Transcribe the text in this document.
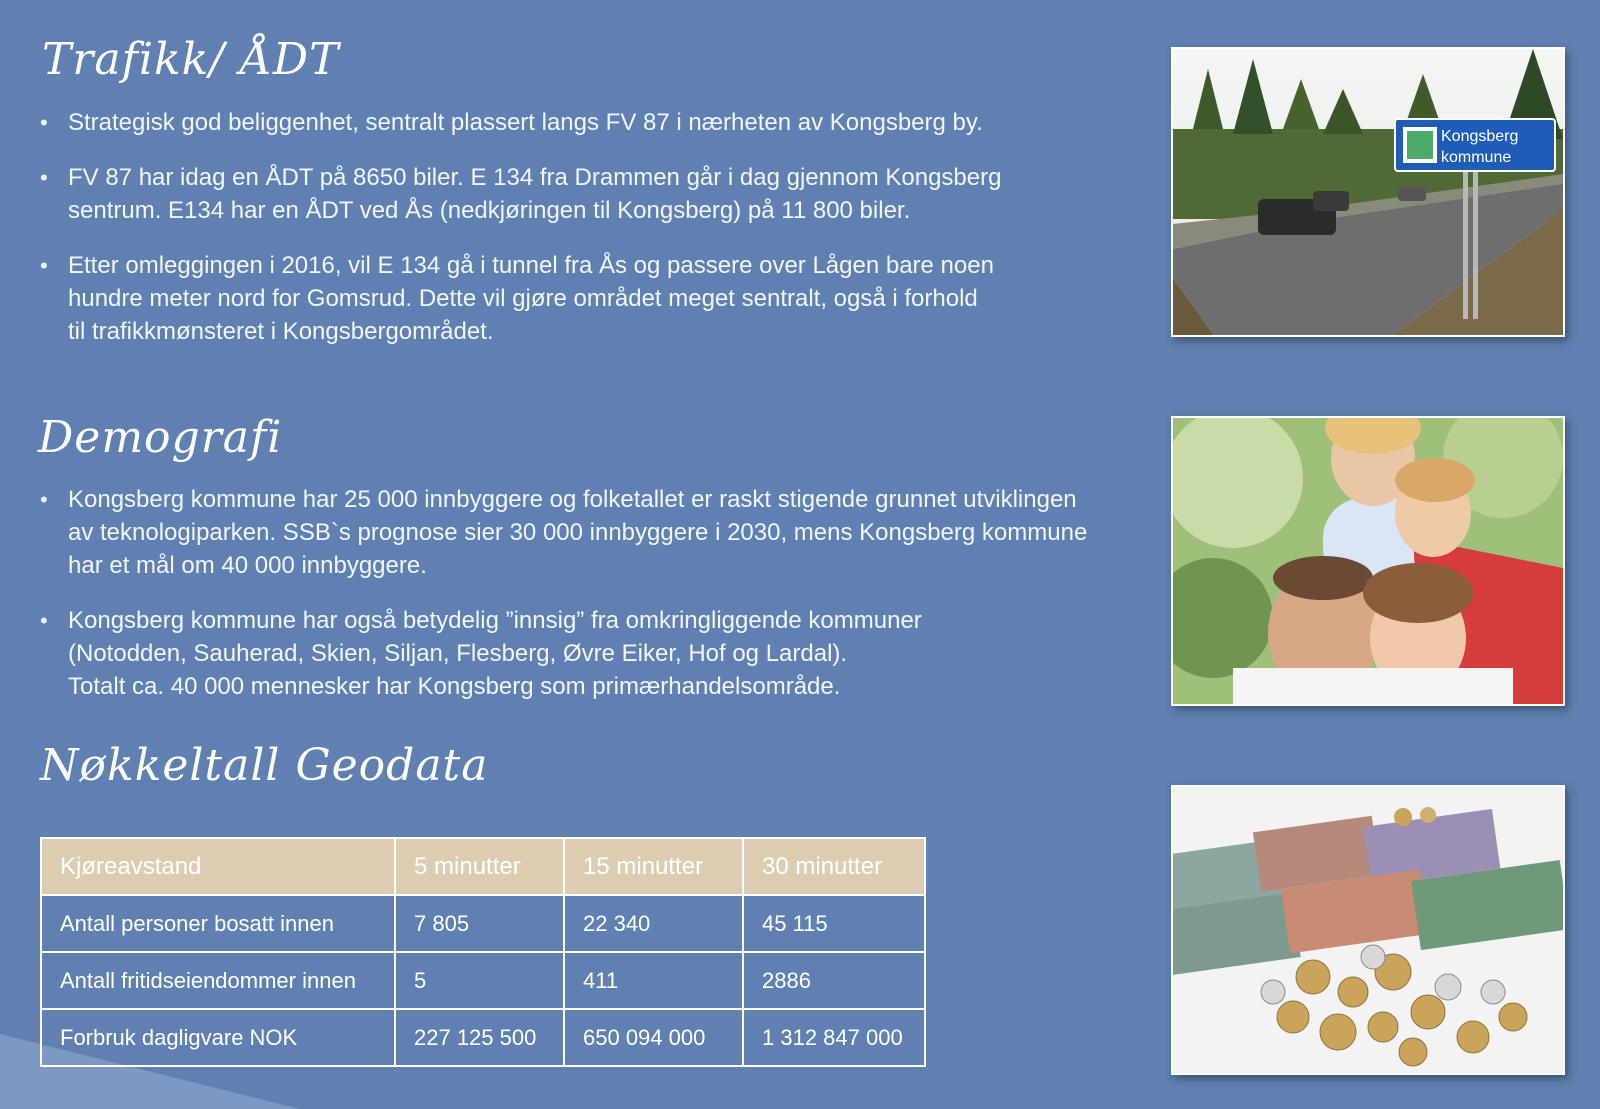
Trafikk/ ÅDT
• Strategisk god beliggenhet, sentralt plassert langs FV 87 i nærheten av Kongsberg by.
• FV 87 har idag en ÅDT på 8650 biler. E 134 fra Drammen går i dag gjennom Kongsberg
sentrum. E134 har en ÅDT ved Ås (nedkjøringen til Kongsberg) på 11 800 biler.
• Etter omleggingen i 2016, vil E 134 gå i tunnel fra Ås og passere over Lågen bare noen
hundre meter nord for Gomsrud. Dette vil gjøre området meget sentralt, også i forhold
til trafikkmønsteret i Kongsbergområdet.
Kongsberg
kommune
Demografi
• Kongsberg kommune har 25 000 innbyggere og folketallet er raskt stigende grunnet utviklingen
av teknologiparken. SSB`s prognose sier 30 000 innbyggere i 2030, mens Kongsberg kommune
har et mål om 40 000 innbyggere.
• Kongsberg kommune har også betydelig ”innsig” fra omkringliggende kommuner
(Notodden, Sauherad, Skien, Siljan, Flesberg, Øvre Eiker, Hof og Lardal).
Totalt ca. 40 000 mennesker har Kongsberg som primærhandelsområde.
Nøkkeltall Geodata
Kjøreavstand	5 minutter	15 minutter	30 minutter
Antall personer bosatt innen	7 805	22 340	45 115
Antall fritidseiendommer innen	5	411	2886
Forbruk dagligvare NOK	227 125 500	650 094 000	1 312 847 000
